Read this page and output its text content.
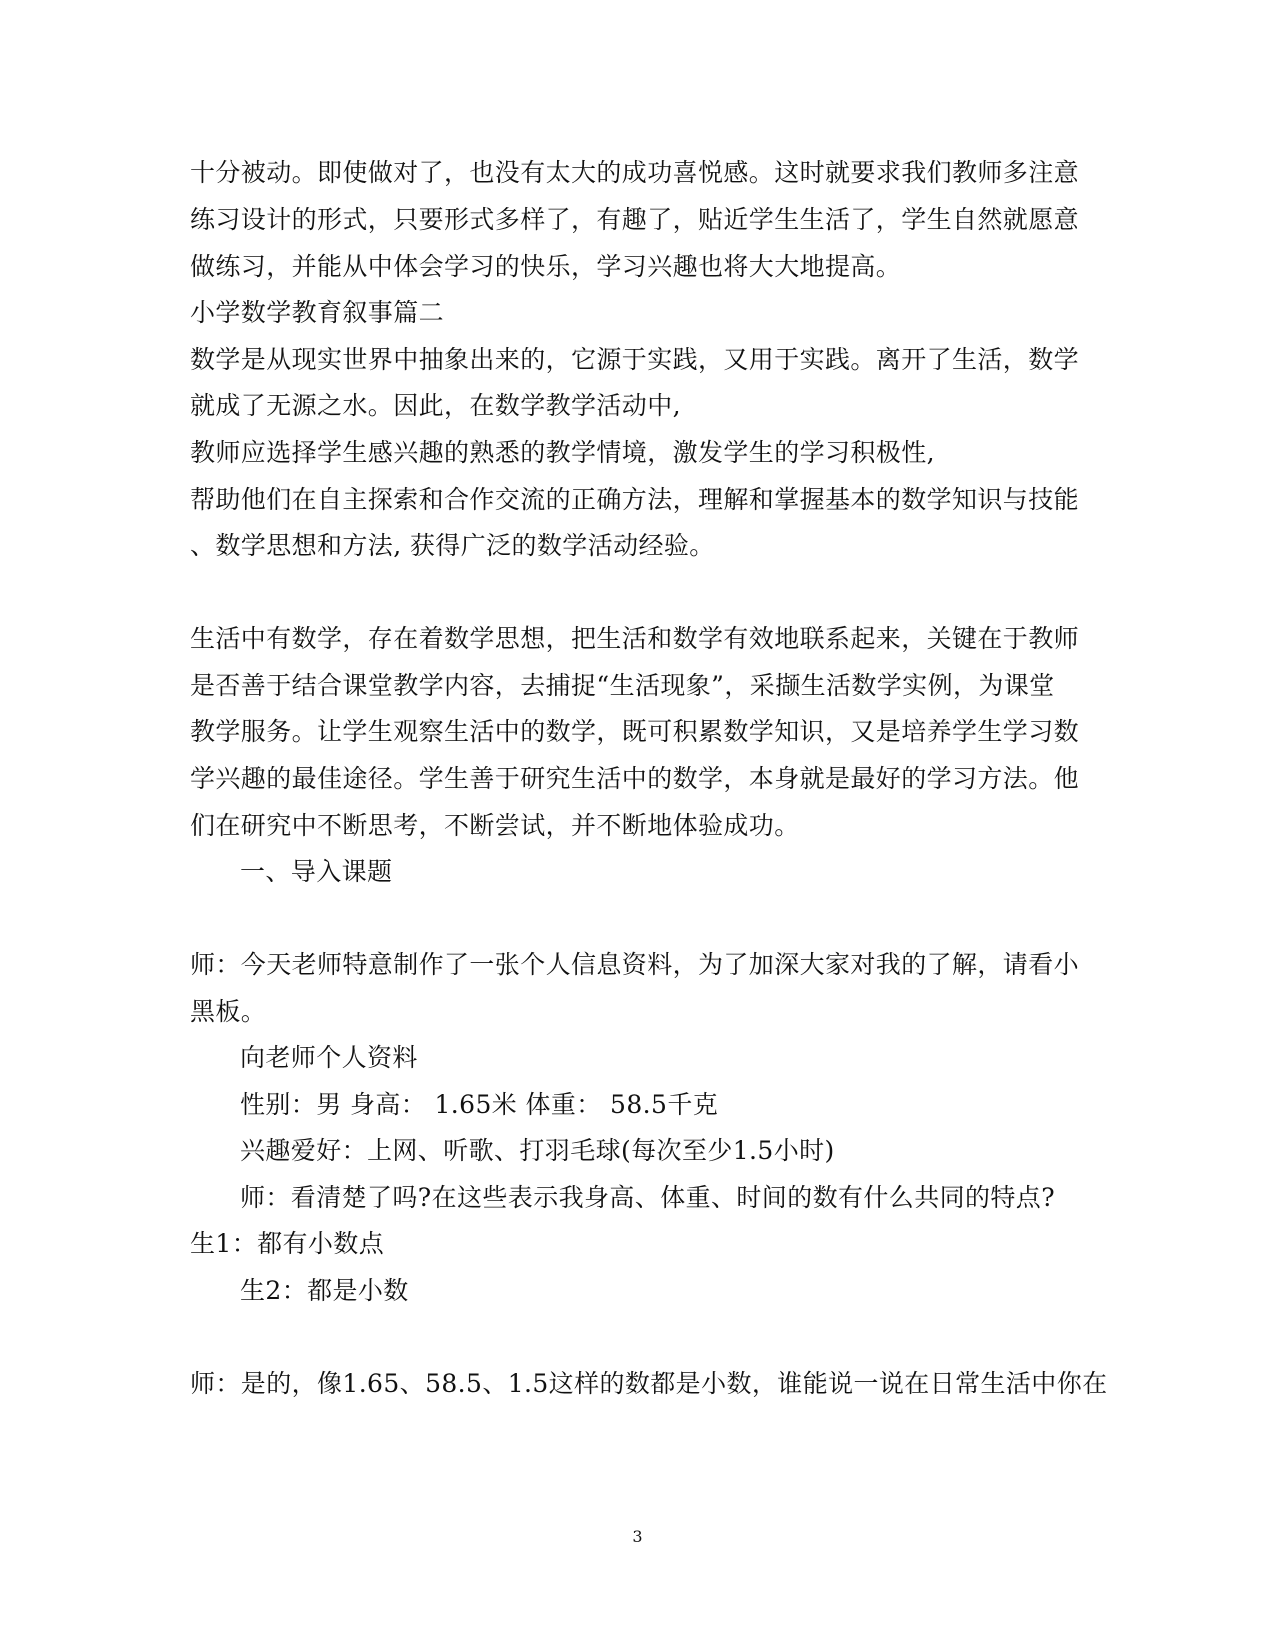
十分被动。即使做对了，也没有太大的成功喜悦感。这时就要求我们教师多注意
练习设计的形式，只要形式多样了，有趣了，贴近学生生活了，学生自然就愿意
做练习，并能从中体会学习的快乐，学习兴趣也将大大地提高。
小学数学教育叙事篇二
数学是从现实世界中抽象出来的，它源于实践，又用于实践。离开了生活，数学
就成了无源之水。因此，在数学教学活动中,
教师应选择学生感兴趣的熟悉的教学情境，激发学生的学习积极性,
帮助他们在自主探索和合作交流的正确方法，理解和掌握基本的数学知识与技能
、数学思想和方法, 获得广泛的数学活动经验。
生活中有数学，存在着数学思想，把生活和数学有效地联系起来，关键在于教师
是否善于结合课堂教学内容，去捕捉“生活现象”，采撷生活数学实例，为课堂
教学服务。让学生观察生活中的数学，既可积累数学知识，又是培养学生学习数
学兴趣的最佳途径。学生善于研究生活中的数学，本身就是最好的学习方法。他
们在研究中不断思考，不断尝试，并不断地体验成功。
一、导入课题
师：今天老师特意制作了一张个人信息资料，为了加深大家对我的了解，请看小
黑板。
向老师个人资料
性别：男 身高： 1.65米 体重： 58.5千克
兴趣爱好：上网、听歌、打羽毛球(每次至少1.5小时)
师：看清楚了吗?在这些表示我身高、体重、时间的数有什么共同的特点?
生1：都有小数点
生2：都是小数
师：是的，像1.65、58.5、1.5这样的数都是小数，谁能说一说在日常生活中你在
3
